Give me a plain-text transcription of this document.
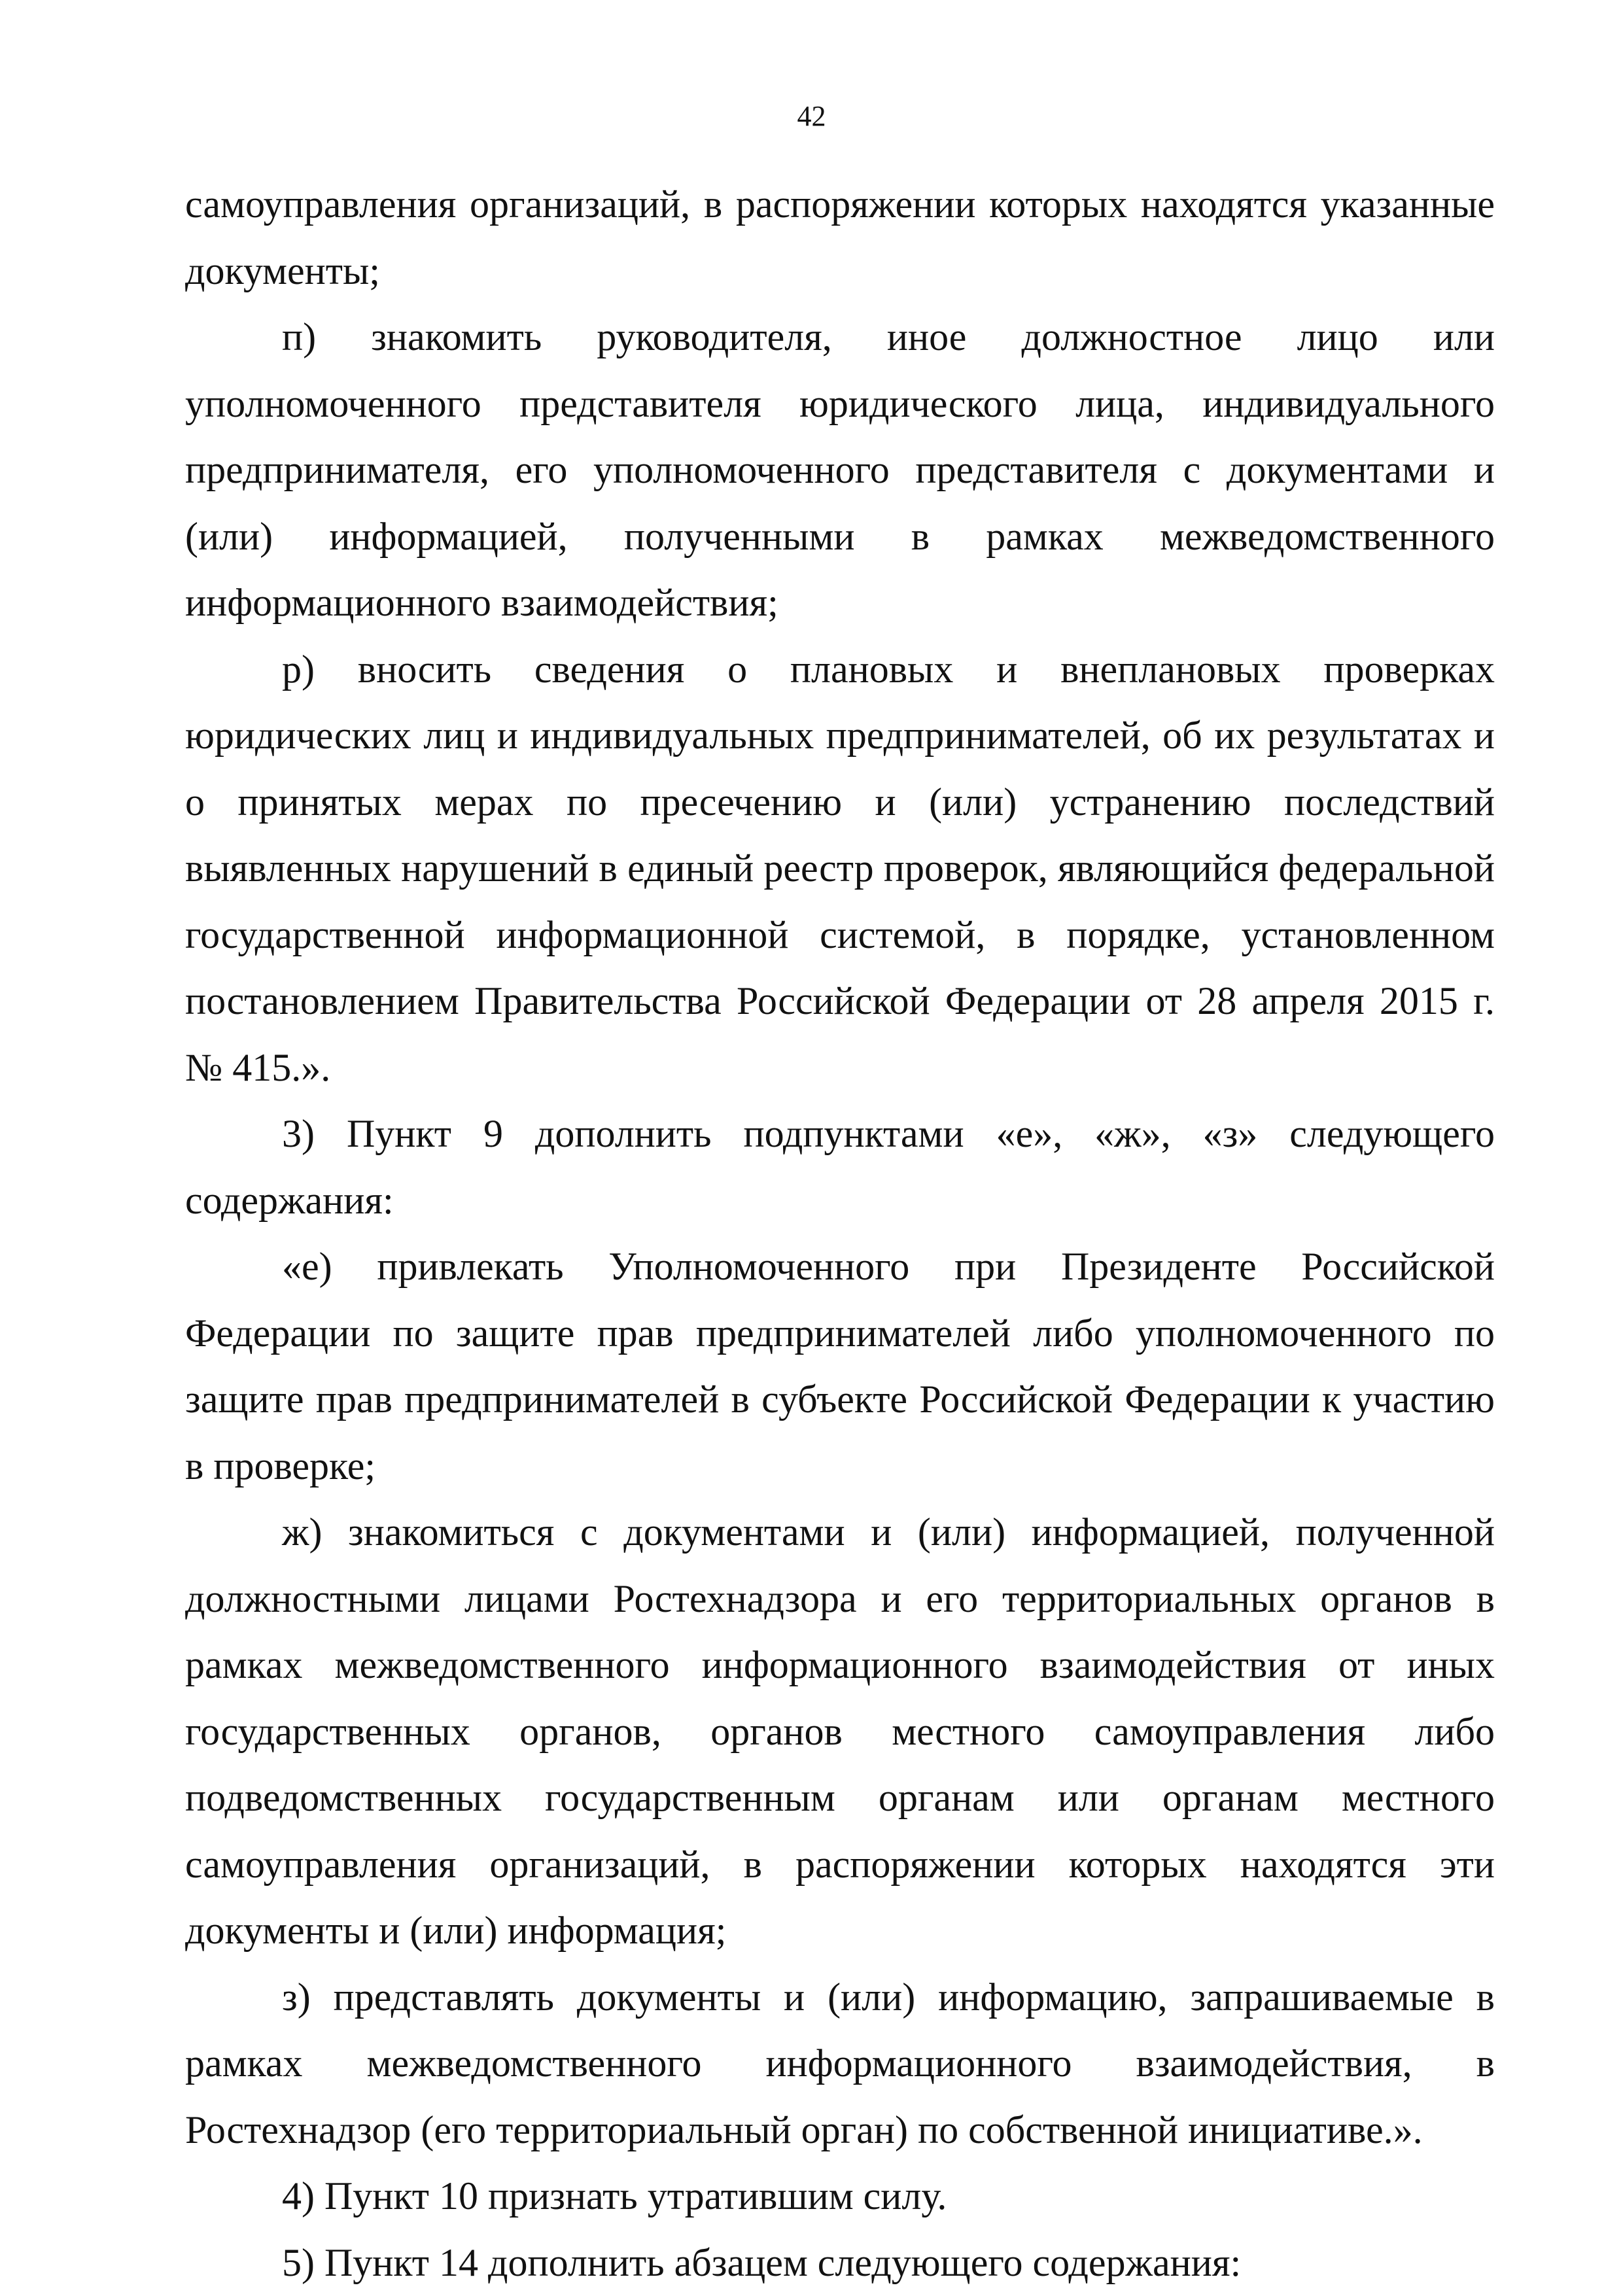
42

самоуправления организаций, в распоряжении которых находятся указанные документы;

п) знакомить руководителя, иное должностное лицо или уполномоченного представителя юридического лица, индивидуального предпринимателя, его уполномоченного представителя с документами и (или) информацией, полученными в рамках межведомственного информационного взаимодействия;

р) вносить сведения о плановых и внеплановых проверках юридических лиц и индивидуальных предпринимателей, об их результатах и о принятых мерах по пресечению и (или) устранению последствий выявленных нарушений в единый реестр проверок, являющийся федеральной государственной информационной системой, в порядке, установленном постановлением Правительства Российской Федерации от 28 апреля 2015 г. № 415.».

3) Пункт 9 дополнить подпунктами «е», «ж», «з» следующего содержания:

«е) привлекать Уполномоченного при Президенте Российской Федерации по защите прав предпринимателей либо уполномоченного по защите прав предпринимателей в субъекте Российской Федерации к участию в проверке;

ж) знакомиться с документами и (или) информацией, полученной должностными лицами Ростехнадзора и его территориальных органов в рамках межведомственного информационного взаимодействия от иных государственных органов, органов местного самоуправления либо подведомственных государственным органам или органам местного самоуправления организаций, в распоряжении которых находятся эти документы и (или) информация;

з) представлять документы и (или) информацию, запрашиваемые в рамках межведомственного информационного взаимодействия, в Ростехнадзор (его территориальный орган) по собственной инициативе.».

4) Пункт 10 признать утратившим силу.

5) Пункт 14 дополнить абзацем следующего содержания:
